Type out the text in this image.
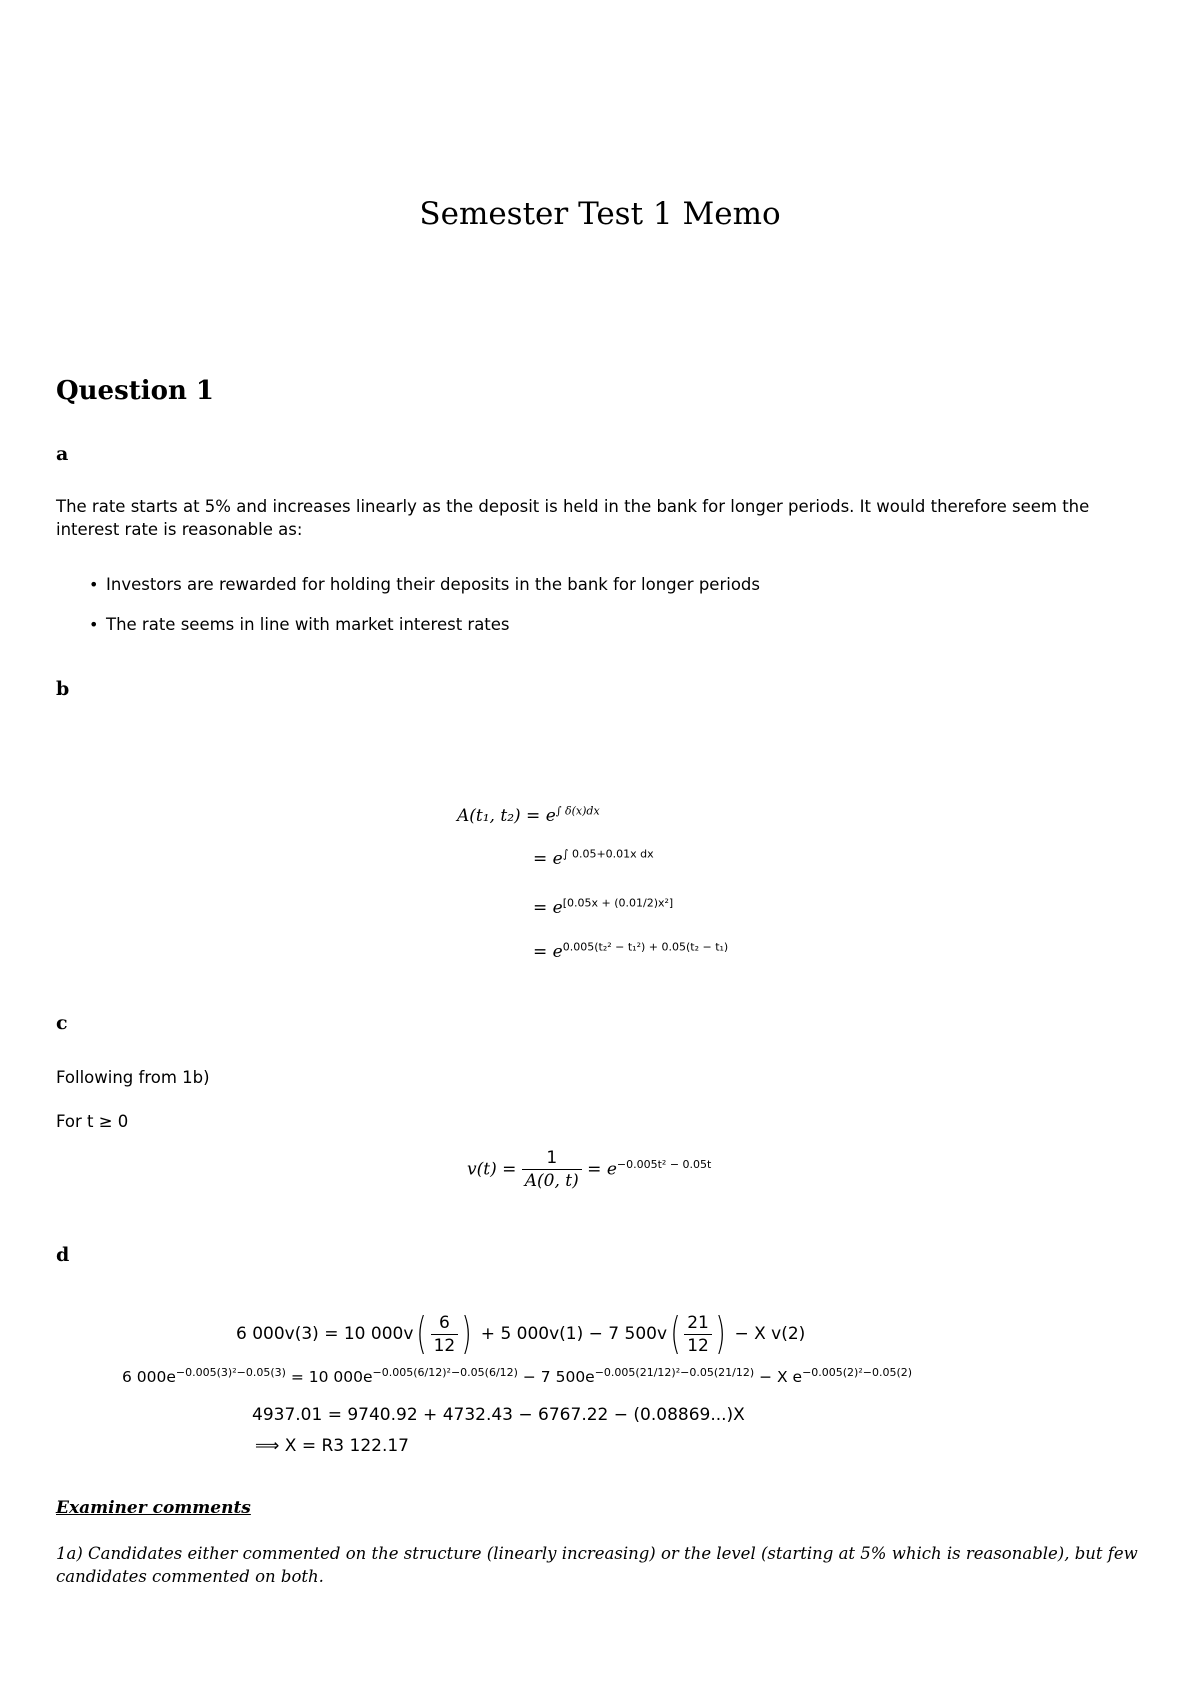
Semester Test 1 Memo
Question 1
a
The rate starts at 5% and increases linearly as the deposit is held in the bank for longer periods. It would therefore seem the interest rate is reasonable as:
• Investors are rewarded for holding their deposits in the bank for longer periods
• The rate seems in line with market interest rates
b
A(t₁, $t_2) = e^{\int \delta(x)dx}$
= $e^{\int 0.05+0.01x dx}$
= e[0.05x + (0.01/2)x²]
= $e^{0.005(t_2^2 - t_1^2) + 0.05(t_2 - t_1)}$
c
Following from 1b)
For t ≥ 0
$v(t) = \frac{1}{A(0, t)} = e^{-0.005t^2 - 0.05t}$
d
6 000v(3) = 10 $000v( \frac{6}{12}$ ) + 5 000v(1) − 7 $500v( \frac{21}{12}$ ) − X v(2)
6 $000e^{-0.005(3)^2-0.05(3)} = 10$ $000e^{-0.005(6/12)^2-0.05(6/12)} - 7$ $500e^{-0.005(21/12)^2-0.05(21/12)} - X$ $e^{-0.005(2)^2-0.05(2)}$
4937.01 = 9740.92 + 4732.43 − 6767.22 − (0.08869...)X
⟹ X = R3 122.17
Examiner comments
1a) Candidates either commented on the structure (linearly increasing) or the level (starting at 5% which is reasonable), but few candidates commented on both.
